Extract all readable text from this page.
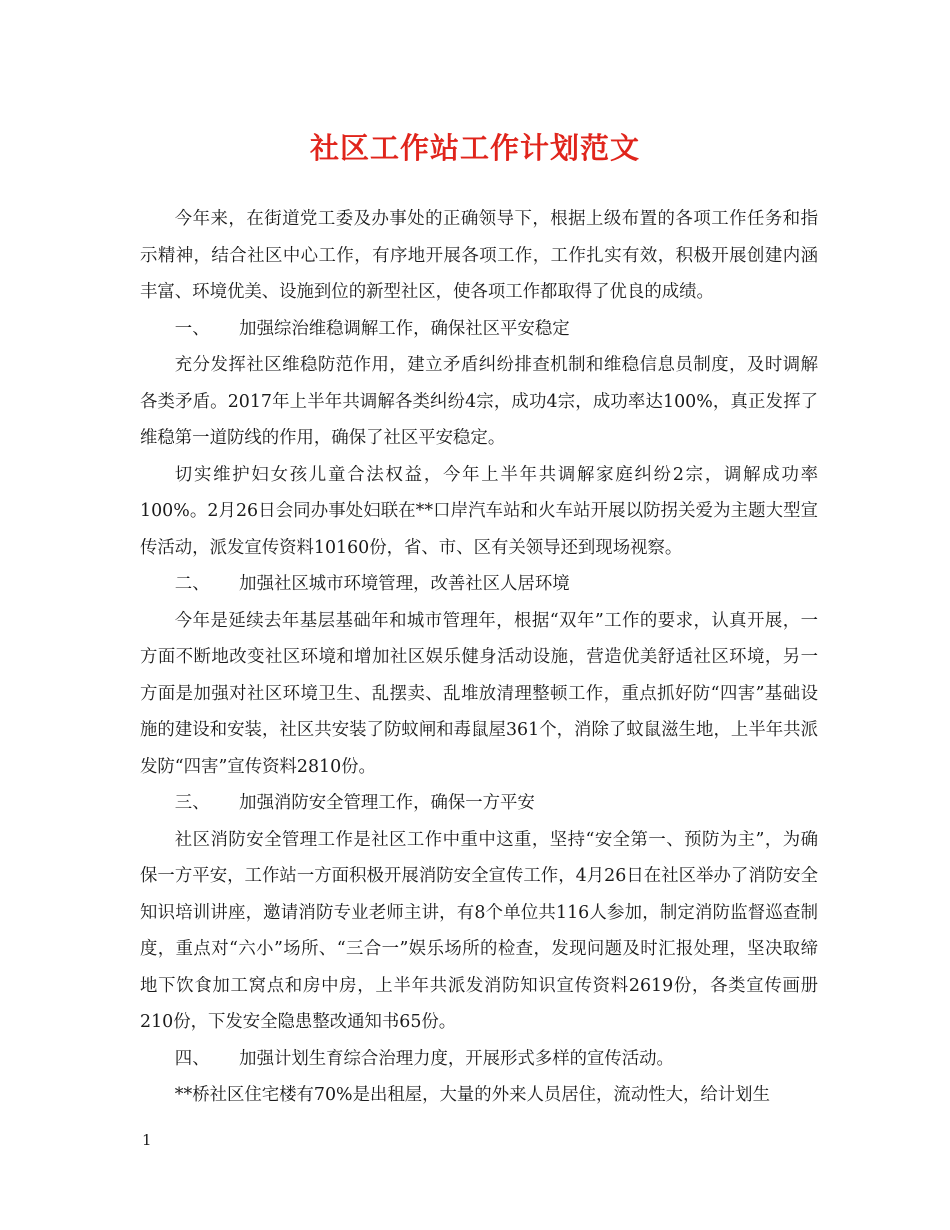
社区工作站工作计划范文

今年来，在街道党工委及办事处的正确领导下，根据上级布置的各项工作任务和指示精神，结合社区中心工作，有序地开展各项工作，工作扎实有效，积极开展创建内涵丰富、环境优美、设施到位的新型社区，使各项工作都取得了优良的成绩。

一、 加强综治维稳调解工作，确保社区平安稳定

充分发挥社区维稳防范作用，建立矛盾纠纷排查机制和维稳信息员制度，及时调解各类矛盾。2017年上半年共调解各类纠纷4宗，成功4宗，成功率达100%，真正发挥了维稳第一道防线的作用，确保了社区平安稳定。

切实维护妇女孩儿童合法权益，今年上半年共调解家庭纠纷2宗，调解成功率100%。2月26日会同办事处妇联在**口岸汽车站和火车站开展以防拐关爱为主题大型宣传活动，派发宣传资料10160份，省、市、区有关领导还到现场视察。

二、 加强社区城市环境管理，改善社区人居环境

今年是延续去年基层基础年和城市管理年，根据“双年”工作的要求，认真开展，一方面不断地改变社区环境和增加社区娱乐健身活动设施，营造优美舒适社区环境，另一方面是加强对社区环境卫生、乱摆卖、乱堆放清理整顿工作，重点抓好防“四害”基础设施的建设和安装，社区共安装了防蚊闸和毒鼠屋361个，消除了蚊鼠滋生地，上半年共派发防“四害”宣传资料2810份。

三、 加强消防安全管理工作，确保一方平安

社区消防安全管理工作是社区工作中重中这重，坚持“安全第一、预防为主”，为确保一方平安，工作站一方面积极开展消防安全宣传工作，4月26日在社区举办了消防安全知识培训讲座，邀请消防专业老师主讲，有8个单位共116人参加，制定消防监督巡查制度，重点对“六小”场所、“三合一”娱乐场所的检查，发现问题及时汇报处理，坚决取缔地下饮食加工窝点和房中房，上半年共派发消防知识宣传资料2619份，各类宣传画册210份，下发安全隐患整改通知书65份。

四、 加强计划生育综合治理力度，开展形式多样的宣传活动。

**桥社区住宅楼有70%是出租屋，大量的外来人员居住，流动性大，给计划生

1
